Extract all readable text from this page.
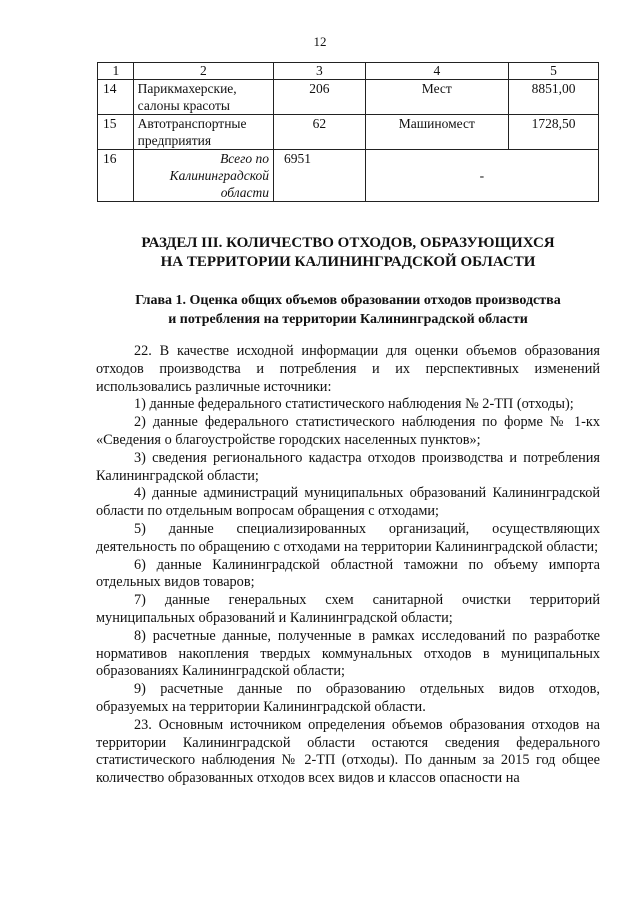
12
1	2	3	4	5
14	Парикмахерские, салоны красоты	206	Мест	8851,00
15	Автотранспортные предприятия	62	Машиномест	1728,50
16	Всего по Калининградской области	6951	-	
РАЗДЕЛ III. КОЛИЧЕСТВО ОТХОДОВ, ОБРАЗУЮЩИХСЯ
НА ТЕРРИТОРИИ КАЛИНИНГРАДСКОЙ ОБЛАСТИ
Глава 1. Оценка общих объемов образовании отходов производства
и потребления на территории Калининградской области

22. В качестве исходной информации для оценки объемов образования отходов производства и потребления и их перспективных изменений использовались различные источники:

1) данные федерального статистического наблюдения № 2-ТП (отходы);

2) данные федерального статистического наблюдения по форме № 1-кх «Сведения о благоустройстве городских населенных пунктов»;

3) сведения регионального кадастра отходов производства и потребления Калининградской области;

4) данные администраций муниципальных образований Калининградской области по отдельным вопросам обращения с отходами;

5) данные специализированных организаций, осуществляющих деятельность по обращению с отходами на территории Калининградской области;

6) данные Калининградской областной таможни по объему импорта отдельных видов товаров;

7) данные генеральных схем санитарной очистки территорий муниципальных образований и Калининградской области;

8) расчетные данные, полученные в рамках исследований по разработке нормативов накопления твердых коммунальных отходов в муниципальных образованиях Калининградской области;

9) расчетные данные по образованию отдельных видов отходов, образуемых на территории Калининградской области.

23. Основным источником определения объемов образования отходов на территории Калининградской области остаются сведения федерального статистического наблюдения № 2-ТП (отходы). По данным за 2015 год общее количество образованных отходов всех видов и классов опасности на
